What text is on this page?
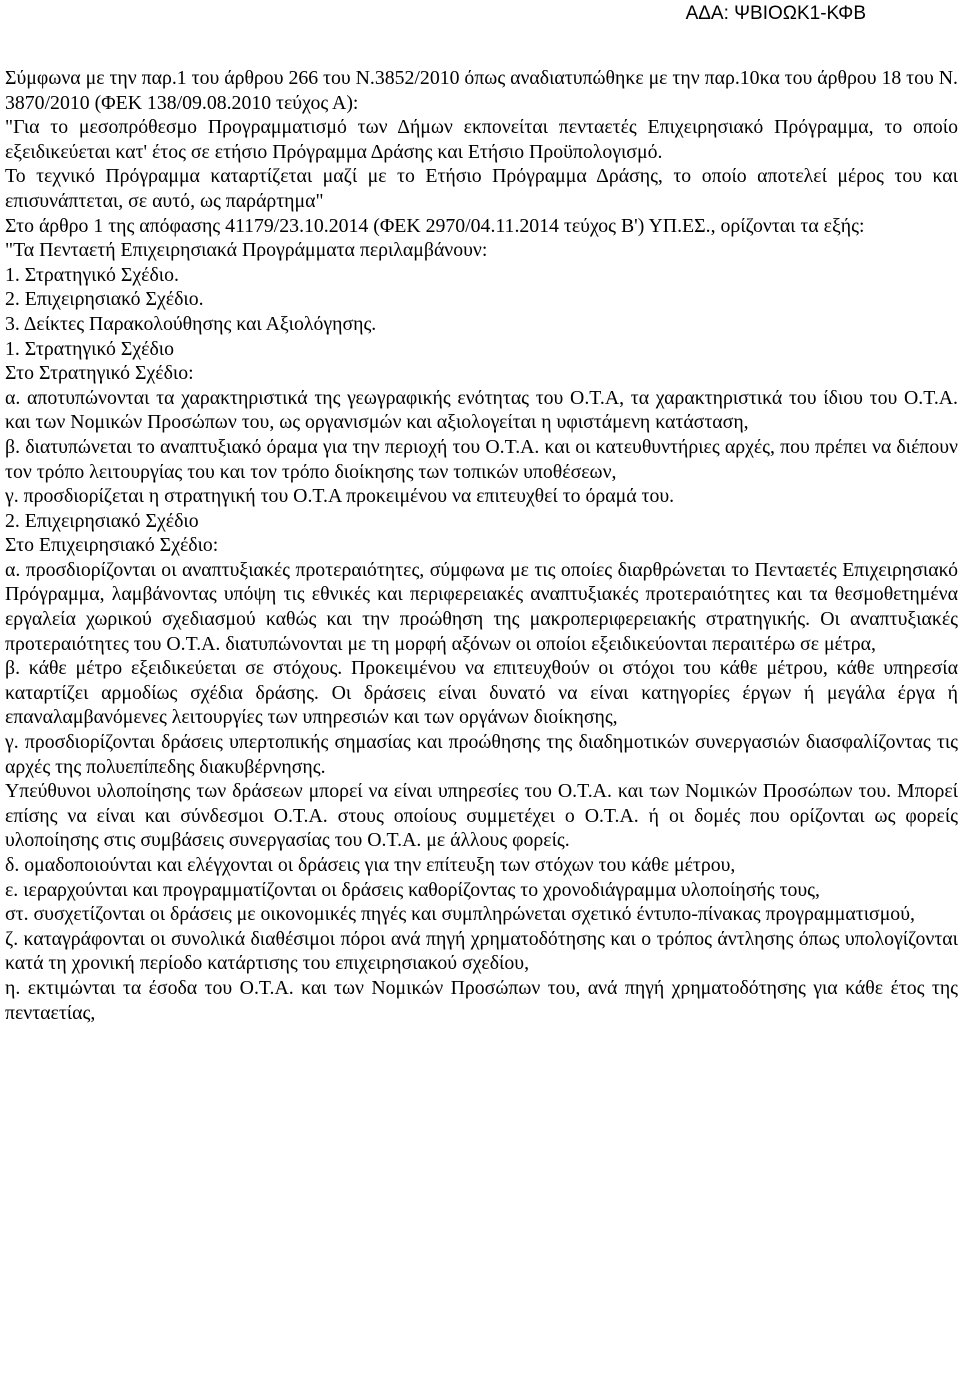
ΑΔΑ: ΨΒΙΟΩΚ1-ΚΦΒ

Σύμφωνα με την παρ.1 του άρθρου 266 του Ν.3852/2010 όπως αναδιατυπώθηκε με την παρ.10κα του άρθρου 18 του Ν. 3870/2010 (ΦΕΚ 138/09.08.2010 τεύχος Α):

"Για το μεσοπρόθεσμο Προγραμματισμό των Δήμων εκπονείται πενταετές Επιχειρησιακό Πρόγραμμα, το οποίο εξειδικεύεται κατ' έτος σε ετήσιο Πρόγραμμα Δράσης και Ετήσιο Προϋπολογισμό.

Το τεχνικό Πρόγραμμα καταρτίζεται μαζί με το Ετήσιο Πρόγραμμα Δράσης, το οποίο αποτελεί μέρος του και επισυνάπτεται, σε αυτό, ως παράρτημα"

Στο άρθρο 1 της απόφασης 41179/23.10.2014 (ΦΕΚ 2970/04.11.2014 τεύχος Β') ΥΠ.ΕΣ., ορίζονται τα εξής:

"Τα Πενταετή Επιχειρησιακά Προγράμματα περιλαμβάνουν:

1. Στρατηγικό Σχέδιο.

2. Επιχειρησιακό Σχέδιο.

3. Δείκτες Παρακολούθησης και Αξιολόγησης.

1. Στρατηγικό Σχέδιο

Στο Στρατηγικό Σχέδιο:

α. αποτυπώνονται τα χαρακτηριστικά της γεωγραφικής ενότητας του Ο.Τ.Α, τα χαρακτηριστικά του ίδιου του Ο.Τ.Α. και των Νομικών Προσώπων του, ως οργανισμών και αξιολογείται η υφιστάμενη κατάσταση,

β. διατυπώνεται το αναπτυξιακό όραμα για την περιοχή του Ο.Τ.Α. και οι κατευθυντήριες αρχές, που πρέπει να διέπουν τον τρόπο λειτουργίας του και τον τρόπο διοίκησης των τοπικών υποθέσεων,

γ. προσδιορίζεται η στρατηγική του Ο.Τ.Α προκειμένου να επιτευχθεί το όραμά του.

2. Επιχειρησιακό Σχέδιο

Στο Επιχειρησιακό Σχέδιο:

α. προσδιορίζονται οι αναπτυξιακές προτεραιότητες, σύμφωνα με τις οποίες διαρθρώνεται το Πενταετές Επιχειρησιακό Πρόγραμμα, λαμβάνοντας υπόψη τις εθνικές και περιφερειακές αναπτυξιακές προτεραιότητες και τα θεσμοθετημένα εργαλεία χωρικού σχεδιασμού καθώς και την προώθηση της μακροπεριφερειακής στρατηγικής. Οι αναπτυξιακές προτεραιότητες του Ο.Τ.Α. διατυπώνονται με τη μορφή αξόνων οι οποίοι εξειδικεύονται περαιτέρω σε μέτρα,

β. κάθε μέτρο εξειδικεύεται σε στόχους. Προκειμένου να επιτευχθούν οι στόχοι του κάθε μέτρου, κάθε υπηρεσία καταρτίζει αρμοδίως σχέδια δράσης. Οι δράσεις είναι δυνατό να είναι κατηγορίες έργων ή μεγάλα έργα ή επαναλαμβανόμενες λειτουργίες των υπηρεσιών και των οργάνων διοίκησης,

γ. προσδιορίζονται δράσεις υπερτοπικής σημασίας και προώθησης της διαδημοτικών συνεργασιών διασφαλίζοντας τις αρχές της πολυεπίπεδης διακυβέρνησης.

Υπεύθυνοι υλοποίησης των δράσεων μπορεί να είναι υπηρεσίες του Ο.Τ.Α. και των Νομικών Προσώπων του. Μπορεί επίσης να είναι και σύνδεσμοι Ο.Τ.Α. στους οποίους συμμετέχει ο Ο.Τ.Α. ή οι δομές που ορίζονται ως φορείς υλοποίησης στις συμβάσεις συνεργασίας του Ο.Τ.Α. με άλλους φορείς.

δ. ομαδοποιούνται και ελέγχονται οι δράσεις για την επίτευξη των στόχων του κάθε μέτρου,

ε. ιεραρχούνται και προγραμματίζονται οι δράσεις καθορίζοντας το χρονοδιάγραμμα υλοποίησής τους,

στ. συσχετίζονται οι δράσεις με οικονομικές πηγές και συμπληρώνεται σχετικό έντυπο-πίνακας προγραμματισμού,

ζ. καταγράφονται οι συνολικά διαθέσιμοι πόροι ανά πηγή χρηματοδότησης και ο τρόπος άντλησης όπως υπολογίζονται κατά τη χρονική περίοδο κατάρτισης του επιχειρησιακού σχεδίου,

η. εκτιμώνται τα έσοδα του Ο.Τ.Α. και των Νομικών Προσώπων του, ανά πηγή χρηματοδότησης για κάθε έτος της πενταετίας,
